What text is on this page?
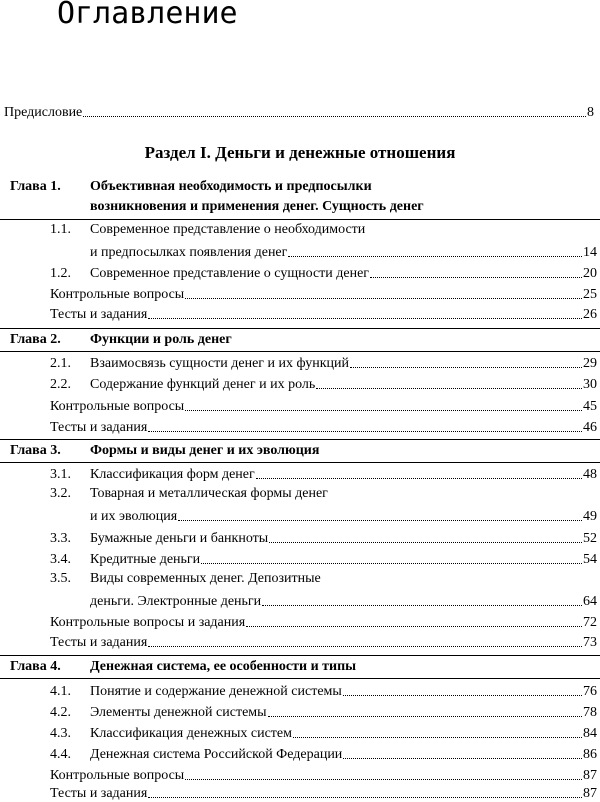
Оглавление
Предисловие	8
Раздел I. Деньги и денежные отношения
Глава 1. Объективная необходимость и предпосылки
возникновения и применения денег. Сущность денег
1.1. Современное представление о необходимости
и предпосылках появления денег	14
1.2.	Современное представление о сущности денег	20
Контрольные вопросы	25
Тесты и задания	26
Глава 2. Функции и роль денег
2.1.	Взаимосвязь сущности денег и их функций	29
2.2.	Содержание функций денег и их роль	30
Контрольные вопросы	45
Тесты и задания	46
Глава 3. Формы и виды денег и их эволюция
3.1.	Классификация форм денег	48
3.2. Товарная и металлическая формы денег
и их эволюция	49
3.3.	Бумажные деньги и банкноты	52
3.4.	Кредитные деньги	54
3.5. Виды современных денег. Депозитные
деньги. Электронные деньги	64
Контрольные вопросы и задания	72
Тесты и задания	73
Глава 4. Денежная система, ее особенности и типы
4.1.	Понятие и содержание денежной системы	76
4.2.	Элементы денежной системы	78
4.3.	Классификация денежных систем	84
4.4.	Денежная система Российской Федерации	86
Контрольные вопросы	87
Тесты и задания	87
